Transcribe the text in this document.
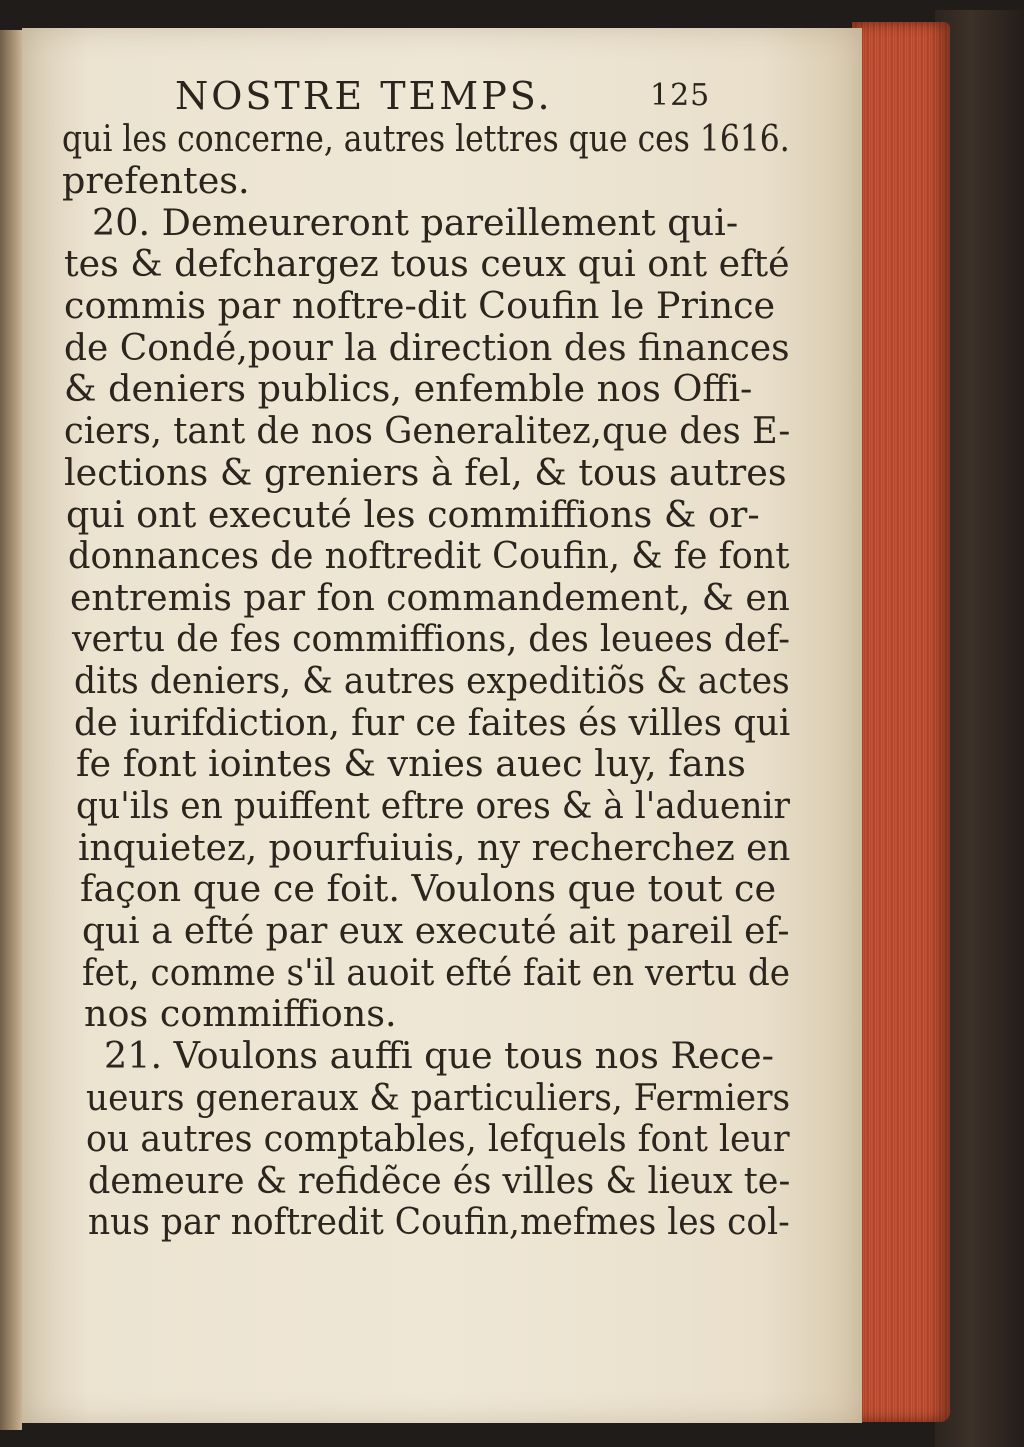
NOSTRE TEMPS.	125
qui les concerne, autres lettres que ces 1616.
prefentes.
20. Demeureront pareillement qui-
tes & defchargez tous ceux qui ont efté
commis par noftre-dit Coufin le Prince
de Condé,pour la direction des finances
& deniers publics, enfemble nos Offi-
ciers, tant de nos Generalitez,que des E-
lections & greniers à fel, & tous autres
qui ont executé les commiffions & or-
donnances de noftredit Coufin, & fe font
entremis par fon commandement, & en
vertu de fes commiffions, des leuees def-
dits deniers, & autres expeditiõs & actes
de iurifdiction, fur ce faites és villes qui
fe font iointes & vnies auec luy, fans
qu'ils en puiffent eftre ores & à l'aduenir
inquietez, pourfuiuis, ny recherchez en
façon que ce foit. Voulons que tout ce
qui a efté par eux executé ait pareil ef-
fet, comme s'il auoit efté fait en vertu de
nos commiffions.
21. Voulons auffi que tous nos Rece-
ueurs generaux & particuliers, Fermiers
ou autres comptables, lefquels font leur
demeure & refidẽce és villes & lieux te-
nus par noftredit Coufin,mefmes les col-
